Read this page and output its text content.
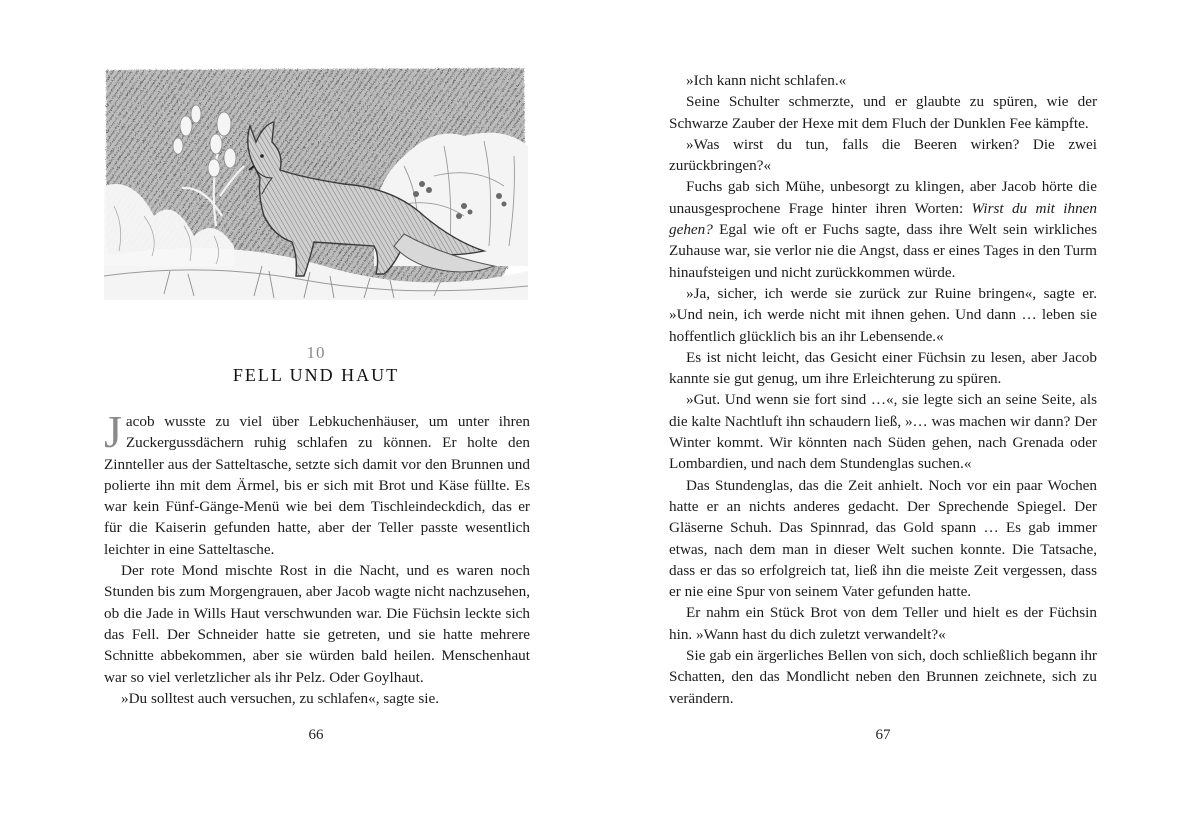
10
FELL UND HAUT

Jacob wusste zu viel über Lebkuchenhäuser, um unter ihren Zuckergussdächern ruhig schlafen zu können. Er holte den Zinnteller aus der Satteltasche, setzte sich damit vor den Brunnen und polierte ihn mit dem Ärmel, bis er sich mit Brot und Käse füllte. Es war kein Fünf-Gänge-Menü wie bei dem Tischleindeckdich, das er für die Kaiserin gefunden hatte, aber der Teller passte wesentlich leichter in eine Satteltasche.

Der rote Mond mischte Rost in die Nacht, und es waren noch Stunden bis zum Morgengrauen, aber Jacob wagte nicht nachzusehen, ob die Jade in Wills Haut verschwunden war. Die Füchsin leckte sich das Fell. Der Schneider hatte sie getreten, und sie hatte mehrere Schnitte abbekommen, aber sie würden bald heilen. Menschenhaut war so viel verletzlicher als ihr Pelz. Oder Goylhaut.

»Du solltest auch versuchen, zu schlafen«, sagte sie.

66

»Ich kann nicht schlafen.«

Seine Schulter schmerzte, und er glaubte zu spüren, wie der Schwarze Zauber der Hexe mit dem Fluch der Dunklen Fee kämpfte.

»Was wirst du tun, falls die Beeren wirken? Die zwei zurückbringen?«

Fuchs gab sich Mühe, unbesorgt zu klingen, aber Jacob hörte die unausgesprochene Frage hinter ihren Worten: Wirst du mit ihnen gehen? Egal wie oft er Fuchs sagte, dass ihre Welt sein wirkliches Zuhause war, sie verlor nie die Angst, dass er eines Tages in den Turm hinaufsteigen und nicht zurückkommen würde.

»Ja, sicher, ich werde sie zurück zur Ruine bringen«, sagte er. »Und nein, ich werde nicht mit ihnen gehen. Und dann … leben sie hoffentlich glücklich bis an ihr Lebensende.«

Es ist nicht leicht, das Gesicht einer Füchsin zu lesen, aber Jacob kannte sie gut genug, um ihre Erleichterung zu spüren.

»Gut. Und wenn sie fort sind …«, sie legte sich an seine Seite, als die kalte Nachtluft ihn schaudern ließ, »… was machen wir dann? Der Winter kommt. Wir könnten nach Süden gehen, nach Grenada oder Lombardien, und nach dem Stundenglas suchen.«

Das Stundenglas, das die Zeit anhielt. Noch vor ein paar Wochen hatte er an nichts anderes gedacht. Der Sprechende Spiegel. Der Gläserne Schuh. Das Spinnrad, das Gold spann … Es gab immer etwas, nach dem man in dieser Welt suchen konnte. Die Tatsache, dass er das so erfolgreich tat, ließ ihn die meiste Zeit vergessen, dass er nie eine Spur von seinem Vater gefunden hatte.

Er nahm ein Stück Brot von dem Teller und hielt es der Füchsin hin. »Wann hast du dich zuletzt verwandelt?«

Sie gab ein ärgerliches Bellen von sich, doch schließlich begann ihr Schatten, den das Mondlicht neben den Brunnen zeichnete, sich zu verändern.

67
